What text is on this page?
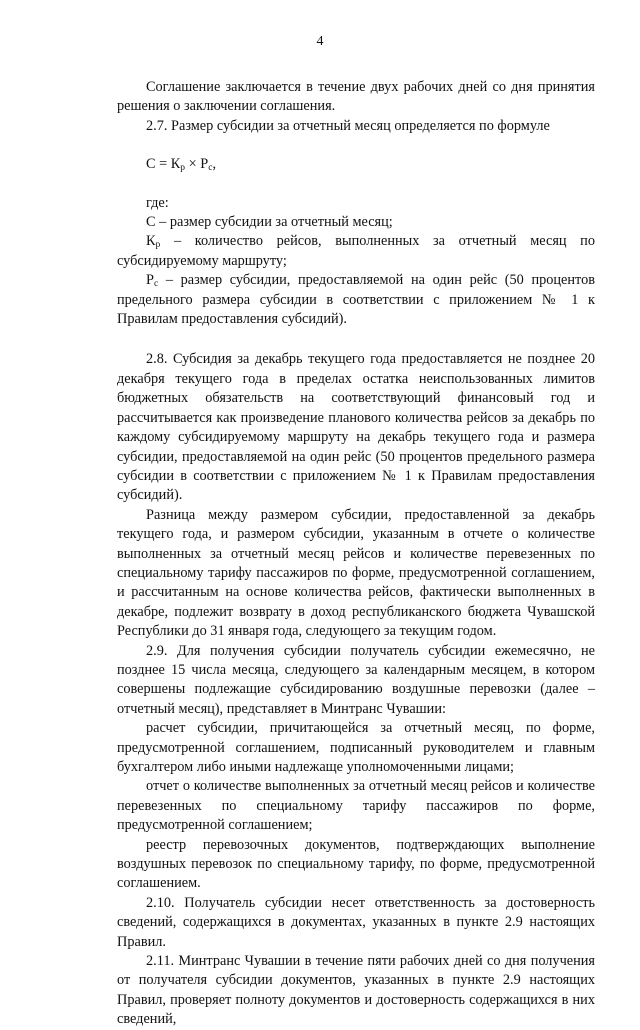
4

Соглашение заключается в течение двух рабочих дней со дня принятия решения о заключении соглашения.

2.7. Размер субсидии за отчетный месяц определяется по формуле

$С = К_р \times Р_с$,

где:

С – размер субсидии за отчетный месяц;

$К_р$ – количество рейсов, выполненных за отчетный месяц по субсидируемому маршруту;

$Р_с$ – размер субсидии, предоставляемой на один рейс (50 процентов предельного размера субсидии в соответствии с приложением № 1 к Правилам предоставления субсидий).

2.8. Субсидия за декабрь текущего года предоставляется не позднее 20 декабря текущего года в пределах остатка неиспользованных лимитов бюджетных обязательств на соответствующий финансовый год и рассчитывается как произведение планового количества рейсов за декабрь по каждому субсидируемому маршруту на декабрь текущего года и размера субсидии, предоставляемой на один рейс (50 процентов предельного размера субсидии в соответствии с приложением № 1 к Правилам предоставления субсидий).

Разница между размером субсидии, предоставленной за декабрь текущего года, и размером субсидии, указанным в отчете о количестве выполненных за отчетный месяц рейсов и количестве перевезенных по специальному тарифу пассажиров по форме, предусмотренной соглашением, и рассчитанным на основе количества рейсов, фактически выполненных в декабре, подлежит возврату в доход республиканского бюджета Чувашской Республики до 31 января года, следующего за текущим годом.

2.9. Для получения субсидии получатель субсидии ежемесячно, не позднее 15 числа месяца, следующего за календарным месяцем, в котором совершены подлежащие субсидированию воздушные перевозки (далее – отчетный месяц), представляет в Минтранс Чувашии:

расчет субсидии, причитающейся за отчетный месяц, по форме, предусмотренной соглашением, подписанный руководителем и главным бухгалтером либо иными надлежаще уполномоченными лицами;

отчет о количестве выполненных за отчетный месяц рейсов и количестве перевезенных по специальному тарифу пассажиров по форме, предусмотренной соглашением;

реестр перевозочных документов, подтверждающих выполнение воздушных перевозок по специальному тарифу, по форме, предусмотренной соглашением.

2.10. Получатель субсидии несет ответственность за достоверность сведений, содержащихся в документах, указанных в пункте 2.9 настоящих Правил.

2.11. Минтранс Чувашии в течение пяти рабочих дней со дня получения от получателя субсидии документов, указанных в пункте 2.9 настоящих Правил, проверяет полноту документов и достоверность содержащихся в них сведений,
